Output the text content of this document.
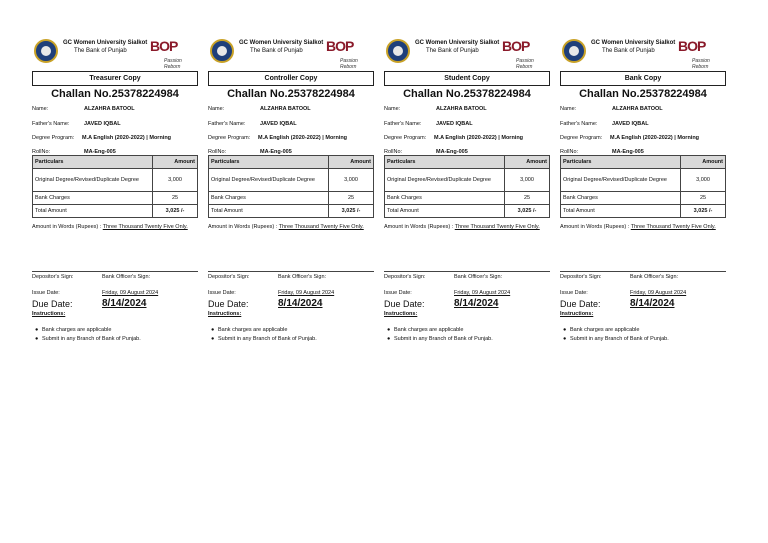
GC Women University Sialkot
The Bank of Punjab BOP
Passion Reborn
Treasurer Copy
Challan No.25378224984
Name:	ALZAHRA BATOOL
Father's Name:	JAVED IQBAL
Degree Program: M.A English (2020-2022) | Morning
RollNo:	MA-Eng-005
Particulars	Amount
Original Degree/Revised/Duplicate Degree	3,000
Bank Charges	25
Total Amount	3,025 /-
Amount in Words (Rupees) : Three Thousand Twenty Five Only.
Depositor's Sign:	Bank Officer's Sign:
Issue Date:	Friday, 09 August 2024
Due Date:	8/14/2024
Instructions:
● Bank charges are applicable
● Submit in any Branch of Bank of Punjab.
GC Women University Sialkot
The Bank of Punjab BOP
Passion Reborn
Controller Copy
Challan No.25378224984
Name:	ALZAHRA BATOOL
Father's Name:	JAVED IQBAL
Degree Program: M.A English (2020-2022) | Morning
RollNo:	MA-Eng-005
Particulars	Amount
Original Degree/Revised/Duplicate Degree	3,000
Bank Charges	25
Total Amount	3,025 /-
Amount in Words (Rupees) : Three Thousand Twenty Five Only.
Depositor's Sign:	Bank Officer's Sign:
Issue Date:	Friday, 09 August 2024
Due Date:	8/14/2024
Instructions:
● Bank charges are applicable
● Submit in any Branch of Bank of Punjab.
GC Women University Sialkot
The Bank of Punjab BOP
Passion Reborn
Student Copy
Challan No.25378224984
Name:	ALZAHRA BATOOL
Father's Name:	JAVED IQBAL
Degree Program: M.A English (2020-2022) | Morning
RollNo:	MA-Eng-005
Particulars	Amount
Original Degree/Revised/Duplicate Degree	3,000
Bank Charges	25
Total Amount	3,025 /-
Amount in Words (Rupees) : Three Thousand Twenty Five Only.
Depositor's Sign:	Bank Officer's Sign:
Issue Date:	Friday, 09 August 2024
Due Date:	8/14/2024
Instructions:
● Bank charges are applicable
● Submit in any Branch of Bank of Punjab.
GC Women University Sialkot
The Bank of Punjab BOP
Passion Reborn
Bank Copy
Challan No.25378224984
Name:	ALZAHRA BATOOL
Father's Name:	JAVED IQBAL
Degree Program: M.A English (2020-2022) | Morning
RollNo:	MA-Eng-005
Particulars	Amount
Original Degree/Revised/Duplicate Degree	3,000
Bank Charges	25
Total Amount	3,025 /-
Amount in Words (Rupees) : Three Thousand Twenty Five Only.
Depositor's Sign:	Bank Officer's Sign:
Issue Date:	Friday, 09 August 2024
Due Date:	8/14/2024
Instructions:
● Bank charges are applicable
● Submit in any Branch of Bank of Punjab.
